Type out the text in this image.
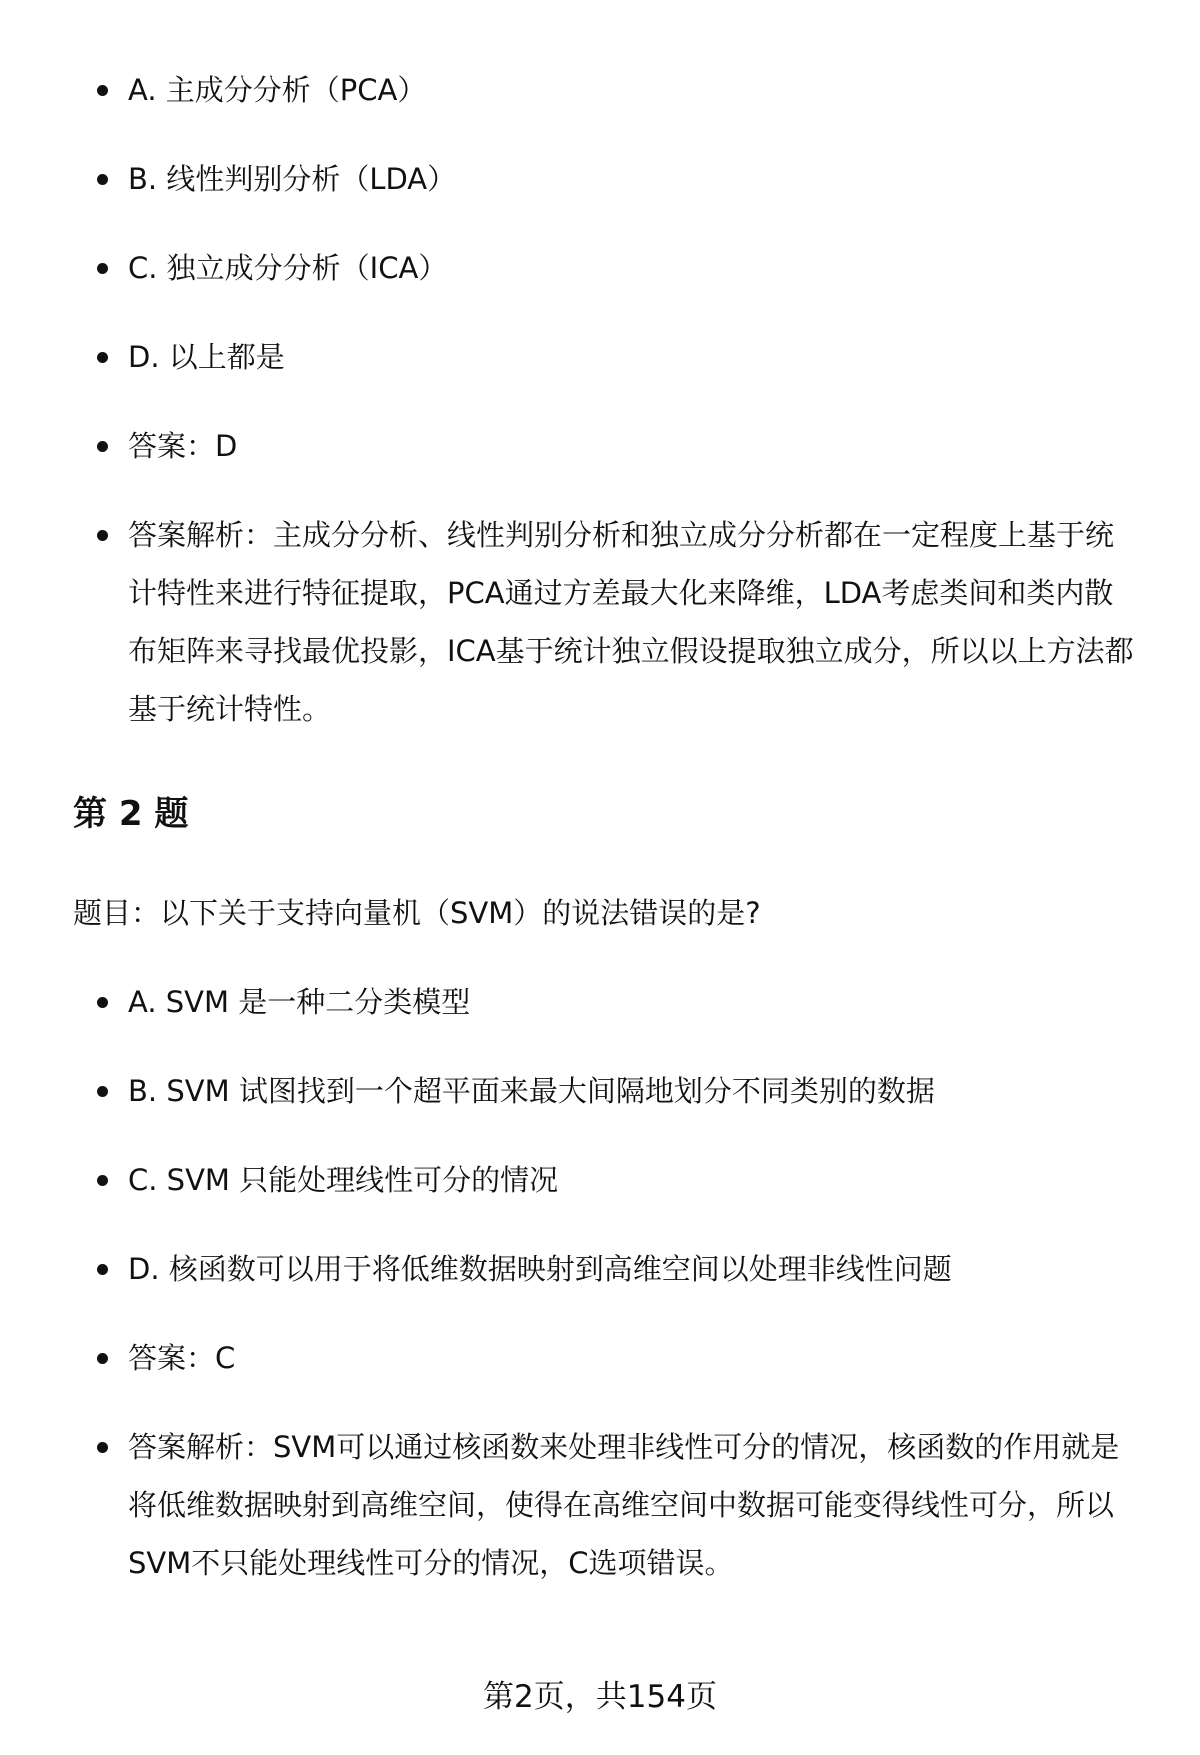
A. 主成分分析（PCA）
B. 线性判别分析（LDA）
C. 独立成分分析（ICA）
D. 以上都是
答案：D
答案解析：主成分分析、线性判别分析和独立成分分析都在一定程度上基于统计特性来进行特征提取，PCA通过方差最大化来降维，LDA考虑类间和类内散布矩阵来寻找最优投影，ICA基于统计独立假设提取独立成分，所以以上方法都基于统计特性。
第 2 题
题目：以下关于支持向量机（SVM）的说法错误的是?
A. SVM 是一种二分类模型
B. SVM 试图找到一个超平面来最大间隔地划分不同类别的数据
C. SVM 只能处理线性可分的情况
D. 核函数可以用于将低维数据映射到高维空间以处理非线性问题
答案：C
答案解析：SVM可以通过核函数来处理非线性可分的情况，核函数的作用就是将低维数据映射到高维空间，使得在高维空间中数据可能变得线性可分，所以SVM不只能处理线性可分的情况，C选项错误。
第2页，共154页
